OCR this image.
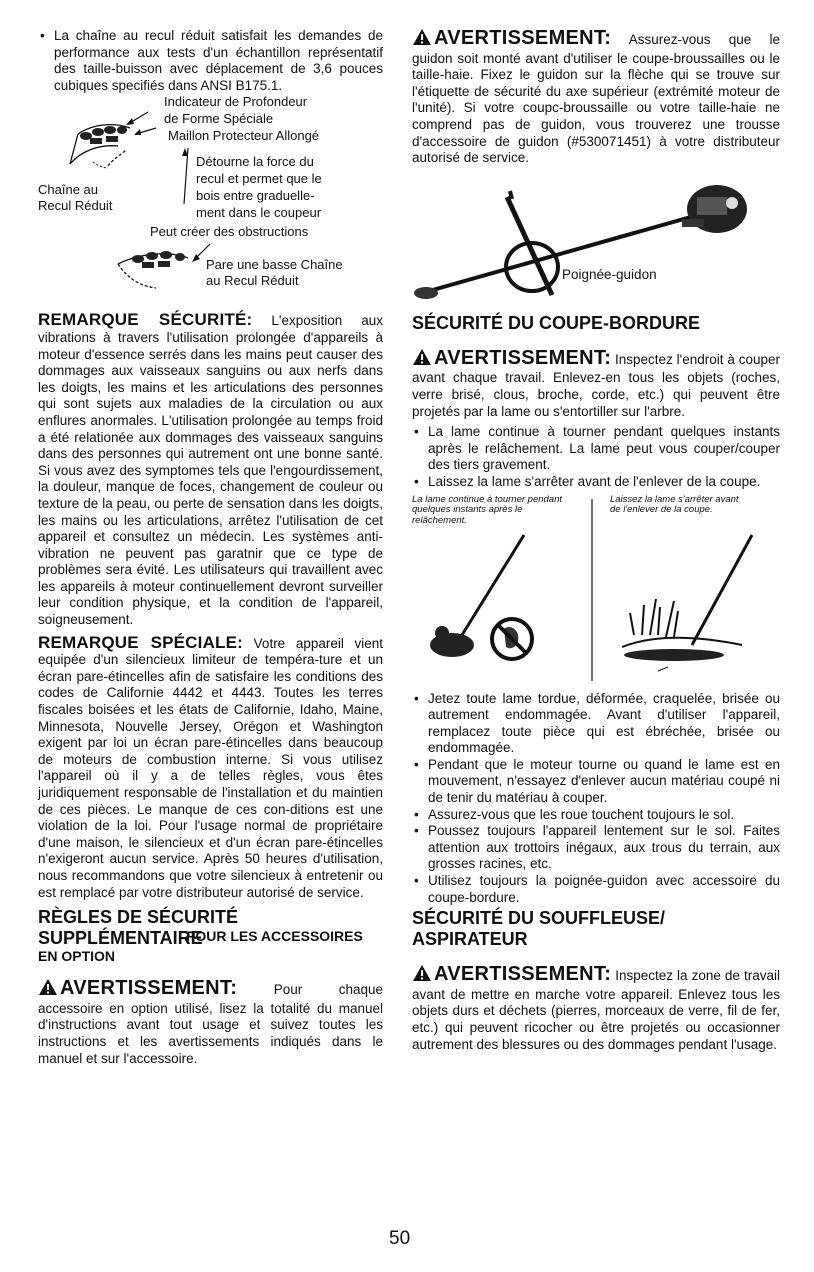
• La chaîne au recul réduit satisfait les demandes de performance aux tests d'un échantillon représentatif des taille-buisson avec déplacement de 3,6 pouces cubiques specifiés dans ANSI B175.1.
Indicateur de Profondeur
de Forme Spéciale
Maillon Protecteur Allongé
Détourne la force du
recul et permet que le
bois entre graduelle-
ment dans le coupeur
Chaîne au
Recul Réduit
Peut créer des obstructions
Pare une basse Chaîne
au Recul Réduit

REMARQUE SÉCURITÉ: L'exposition aux vibrations à travers l'utilisation prolongée d'appareils à moteur d'essence serrés dans les mains peut causer des dommages aux vaisseaux sanguins ou aux nerfs dans les doigts, les mains et les articulations des personnes qui sont sujets aux maladies de la circulation ou aux enflures anormales. L'utilisation prolongée au temps froid a été relationée aux dommages des vaisseaux sanguins dans des personnes qui autrement ont une bonne santé. Si vous avez des symptomes tels que l'engourdissement, la douleur, manque de foces, changement de couleur ou texture de la peau, ou perte de sensation dans les doigts, les mains ou les articulations, arrêtez l'utilisation de cet appareil et consultez un médecin. Les systèmes anti-vibration ne peuvent pas garatnir que ce type de problèmes sera évité. Les utilisateurs qui travaillent avec les appareils à moteur continuellement devront surveiller leur condition physique, et la condition de l'appareil, soigneusement.

REMARQUE SPÉCIALE: Votre appareil vient equipée d'un silencieux limiteur de tempéra-ture et un écran pare-étincelles afin de satisfaire les conditions des codes de Californie 4442 et 4443. Toutes les terres fiscales boisées et les états de Californie, Idaho, Maine, Minnesota, Nouvelle Jersey, Orégon et Washington exigent par loi un écran pare-étincelles dans beaucoup de moteurs de combustion interne. Si vous utilisez l'appareil où il y a de telles règles, vous êtes juridiquement responsable de l'installation et du maintien de ces pièces. Le manque de ces con-ditions est une violation de la loi. Pour l'usage normal de propriétaire d'une maison, le silencieux et d'un écran pare-étincelles n'exigeront aucun service. Après 50 heures d'utilisation, nous recommandons que votre silencieux à entretenir ou est remplacé par votre distributeur autorisé de service.

RÈGLES DE SÉCURITÉ SUPPLÉMENTAIRE
POUR LES ACCESSOIRES
EN OPTION

AVERTISSEMENT:	Pour chaque accessoire en option utilisé, lisez la totalité du manuel d'instructions avant tout usage et suivez toutes les instructions et les avertissements indiqués dans le manuel et sur l'accessoire.

AVERTISSEMENT: Assurez-vous que le guidon soit monté avant d'utiliser le coupe-broussailles ou le taille-haie. Fixez le guidon sur la flèche qui se trouve sur l'étiquette de sécurité du axe supérieur (extrémité moteur de l'unité). Si votre coupc-broussaille ou votre taille-haie ne comprend pas de guidon, vous trouverez une trousse d'accessoire de guidon (#530071451) à votre distributeur autorisé de service.

Poignée-guidon
SÉCURITÉ DU COUPE-BORDURE

AVERTISSEMENT: Inspectez l'endroit à couper avant chaque travail. Enlevez-en tous les objets (roches, verre brisé, clous, broche, corde, etc.) qui peuvent être projetés par la lame ou s'entortiller sur l'arbre.

• La lame continue à tourner pendant quelques instants après le relâchement. La lame peut vous couper/couper des tiers gravement.
• Laissez la lame s'arrêter avant de l'enlever de la coupe.
La lame continue à tourner pendant quelques instants après le relâchement.
Laissez la lame s'arrêter avant de l'enlever de la coupe.
• Jetez toute lame tordue, déformée, craquelée, brisée ou autrement endommagée. Avant d'utiliser l'appareil, remplacez toute pièce qui est ébréchée, brisée ou endommagée.
• Pendant que le moteur tourne ou quand le lame est en mouvement, n'essayez d'enlever aucun matériau coupé ni de tenir du matériau à couper.
• Assurez-vous que les roue touchent toujours le sol.
• Poussez toujours l'appareil lentement sur le sol. Faites attention aux trottoirs inégaux, aux trous du terrain, aux grosses racines, etc.
• Utilisez toujours la poignée-guidon avec accessoire du coupe-bordure.
SÉCURITÉ DU SOUFFLEUSE/ ASPIRATEUR

AVERTISSEMENT: Inspectez la zone de travail avant de mettre en marche votre appareil. Enlevez tous les objets durs et déchets (pierres, morceaux de verre, fil de fer, etc.) qui peuvent ricocher ou être projetés ou occasionner autrement des blessures ou des dommages pendant l'usage.

50
